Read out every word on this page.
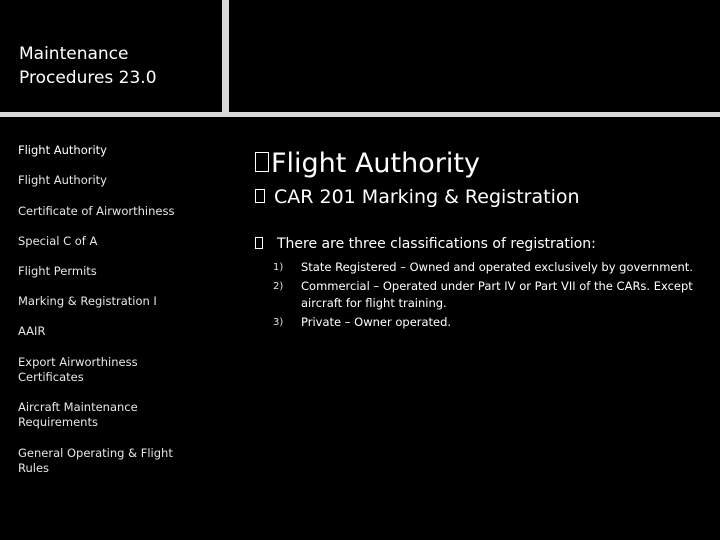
Maintenance Procedures 23.0
Flight Authority
Flight Authority
Certificate of Airworthiness
Special C of A
Flight Permits
Marking & Registration I
AAIR
Export Airworthiness Certificates
Aircraft Maintenance Requirements
General Operating & Flight Rules
Flight Authority
CAR 201 Marking & Registration
There are three classifications of registration:
1) State Registered – Owned and operated exclusively by government.
2) Commercial – Operated under Part IV or Part VII of the CARs. Except aircraft for flight training.
3) Private – Owner operated.
